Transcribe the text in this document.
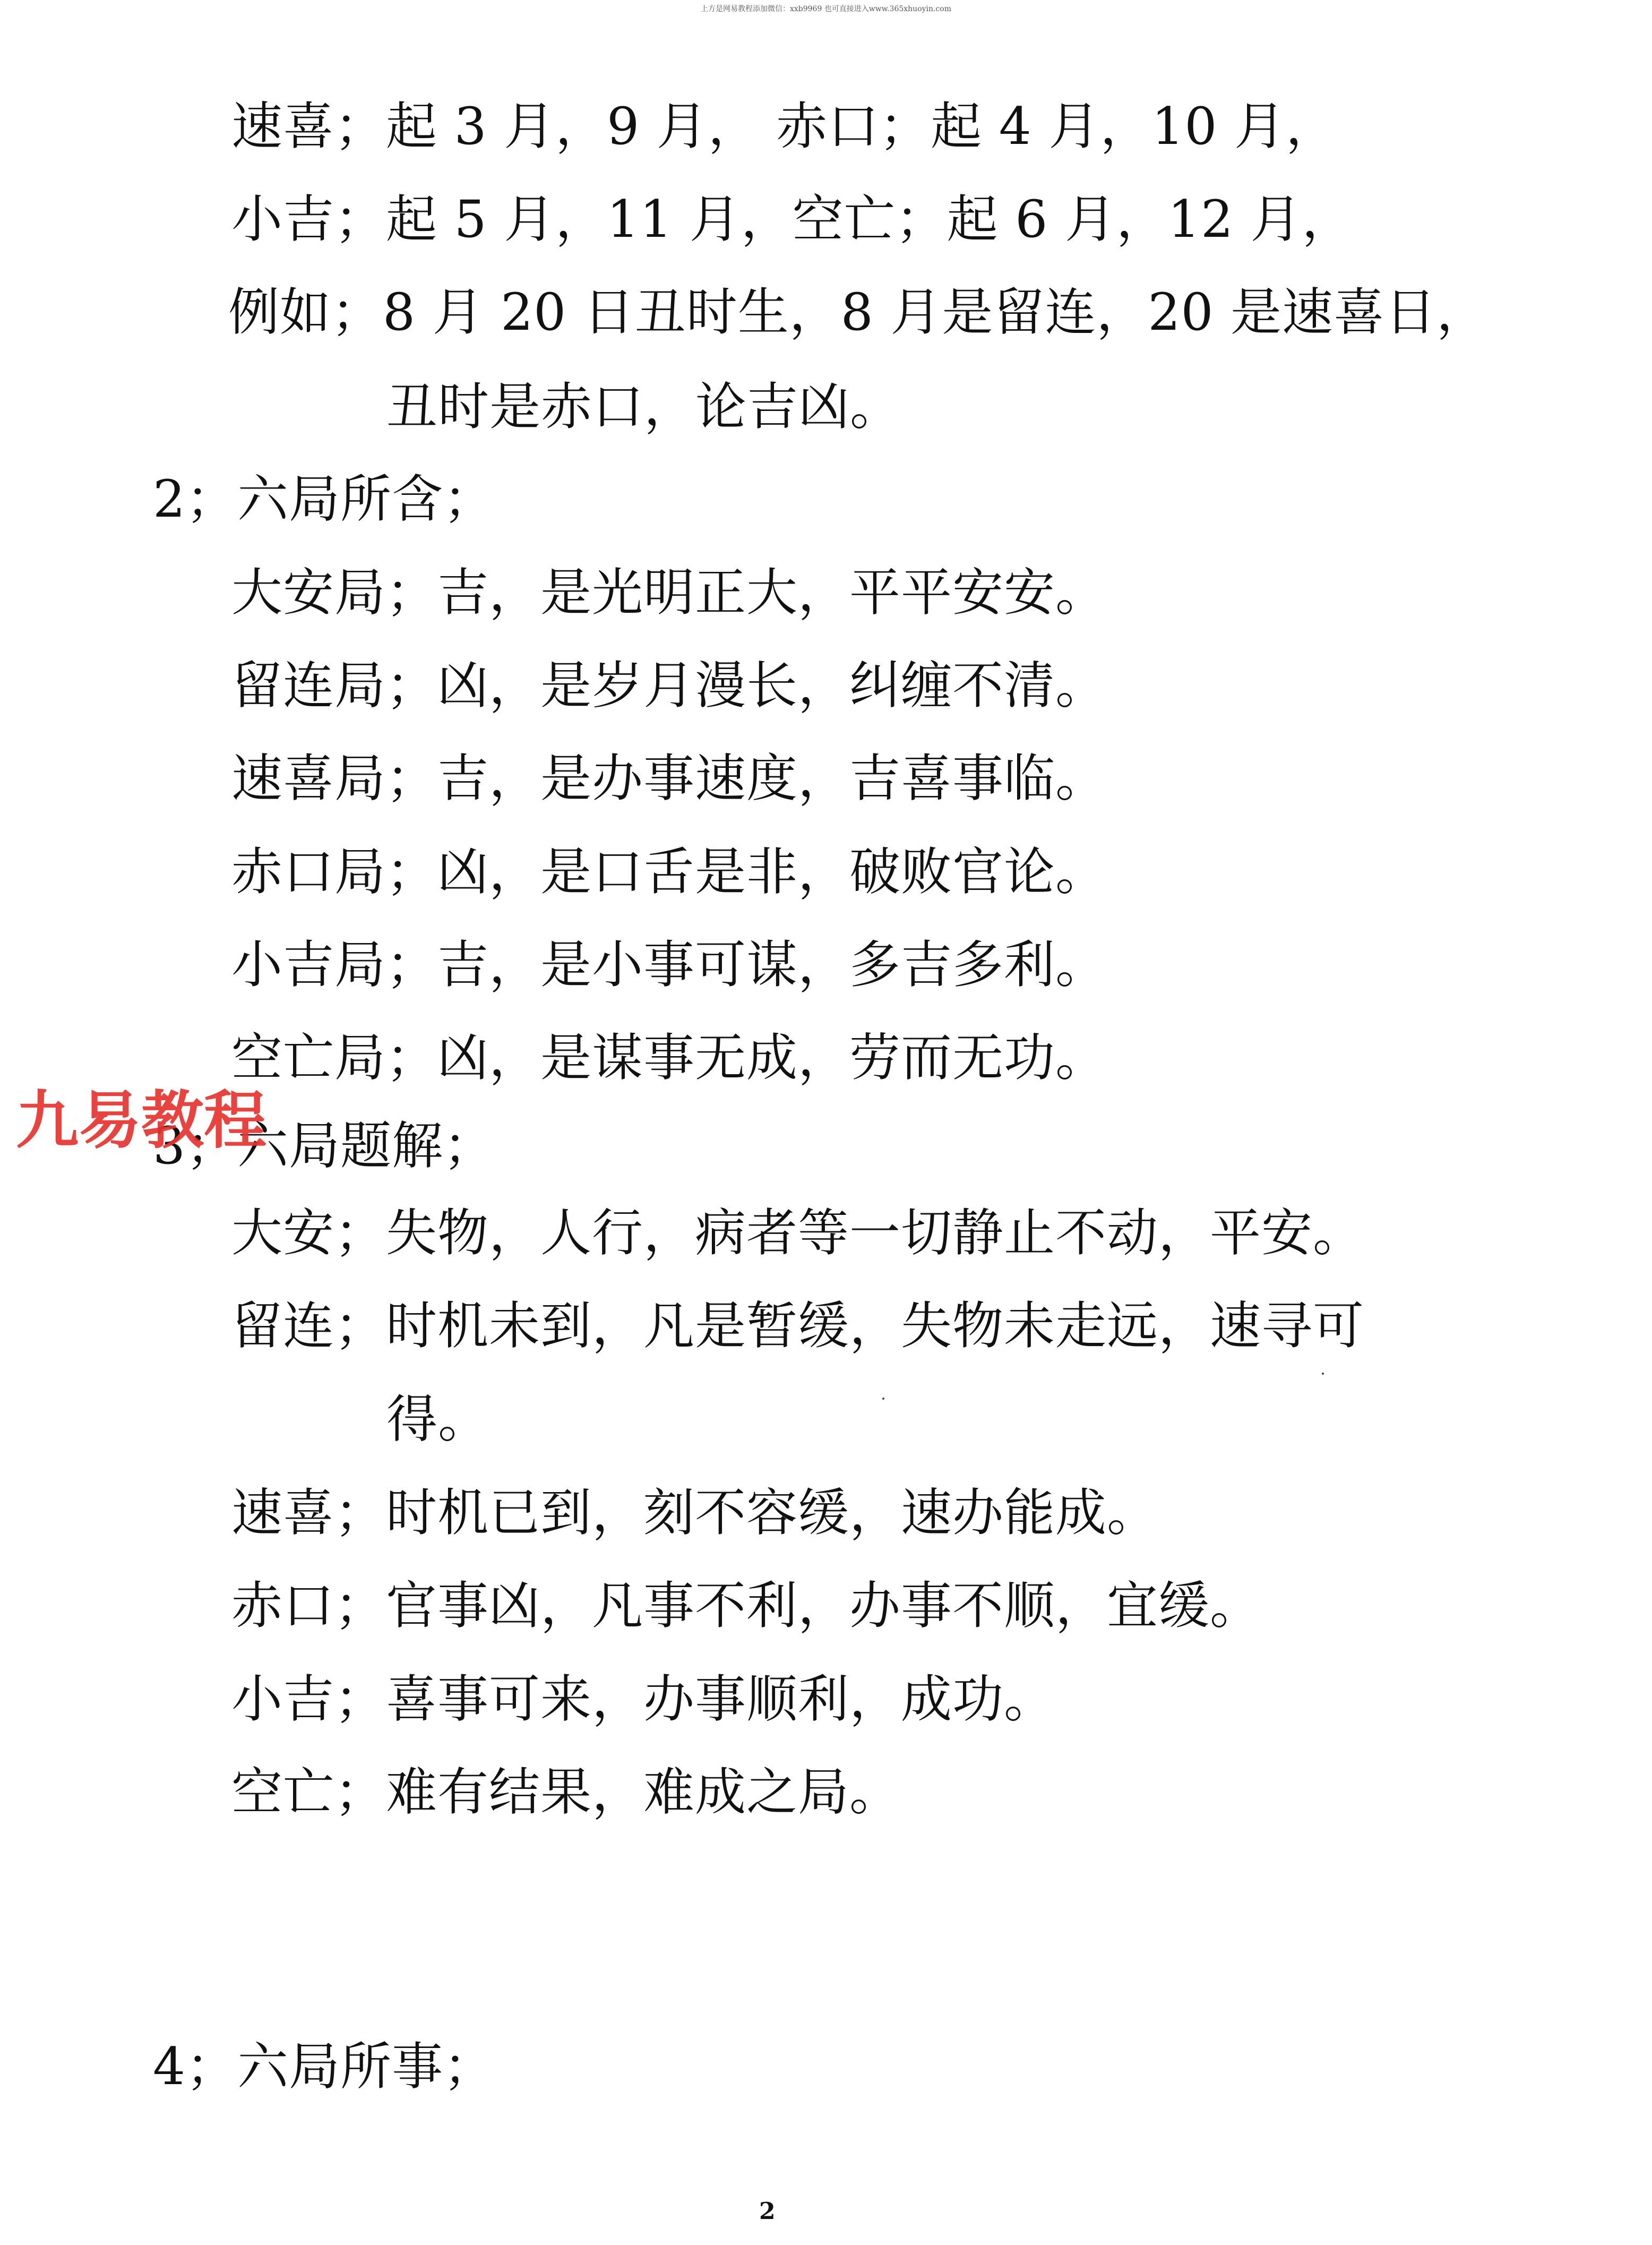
上方是网易教程添加微信：xxb9969 也可直接进入www.365xhuoyin.com
速喜；起 3 月，9 月， 赤口；起 4 月，10 月，
小吉；起 5 月，11 月，空亡；起 6 月，12 月，
例如；8 月 20 日丑时生，8 月是留连，20 是速喜日，
丑时是赤口，论吉凶。
2；六局所含；
大安局；吉，是光明正大，平平安安。
留连局；凶，是岁月漫长，纠缠不清。
速喜局；吉，是办事速度，吉喜事临。
赤口局；凶，是口舌是非，破败官论。
小吉局；吉，是小事可谋，多吉多利。
空亡局；凶，是谋事无成，劳而无功。
3；六局题解；
大安；失物，人行，病者等一切静止不动，平安。
留连；时机未到，凡是暂缓，失物未走远，速寻可
得。
速喜；时机已到，刻不容缓，速办能成。
赤口；官事凶，凡事不利，办事不顺，宜缓。
小吉；喜事可来，办事顺利，成功。
空亡；难有结果，难成之局。
4；六局所事；
九易教程
2
